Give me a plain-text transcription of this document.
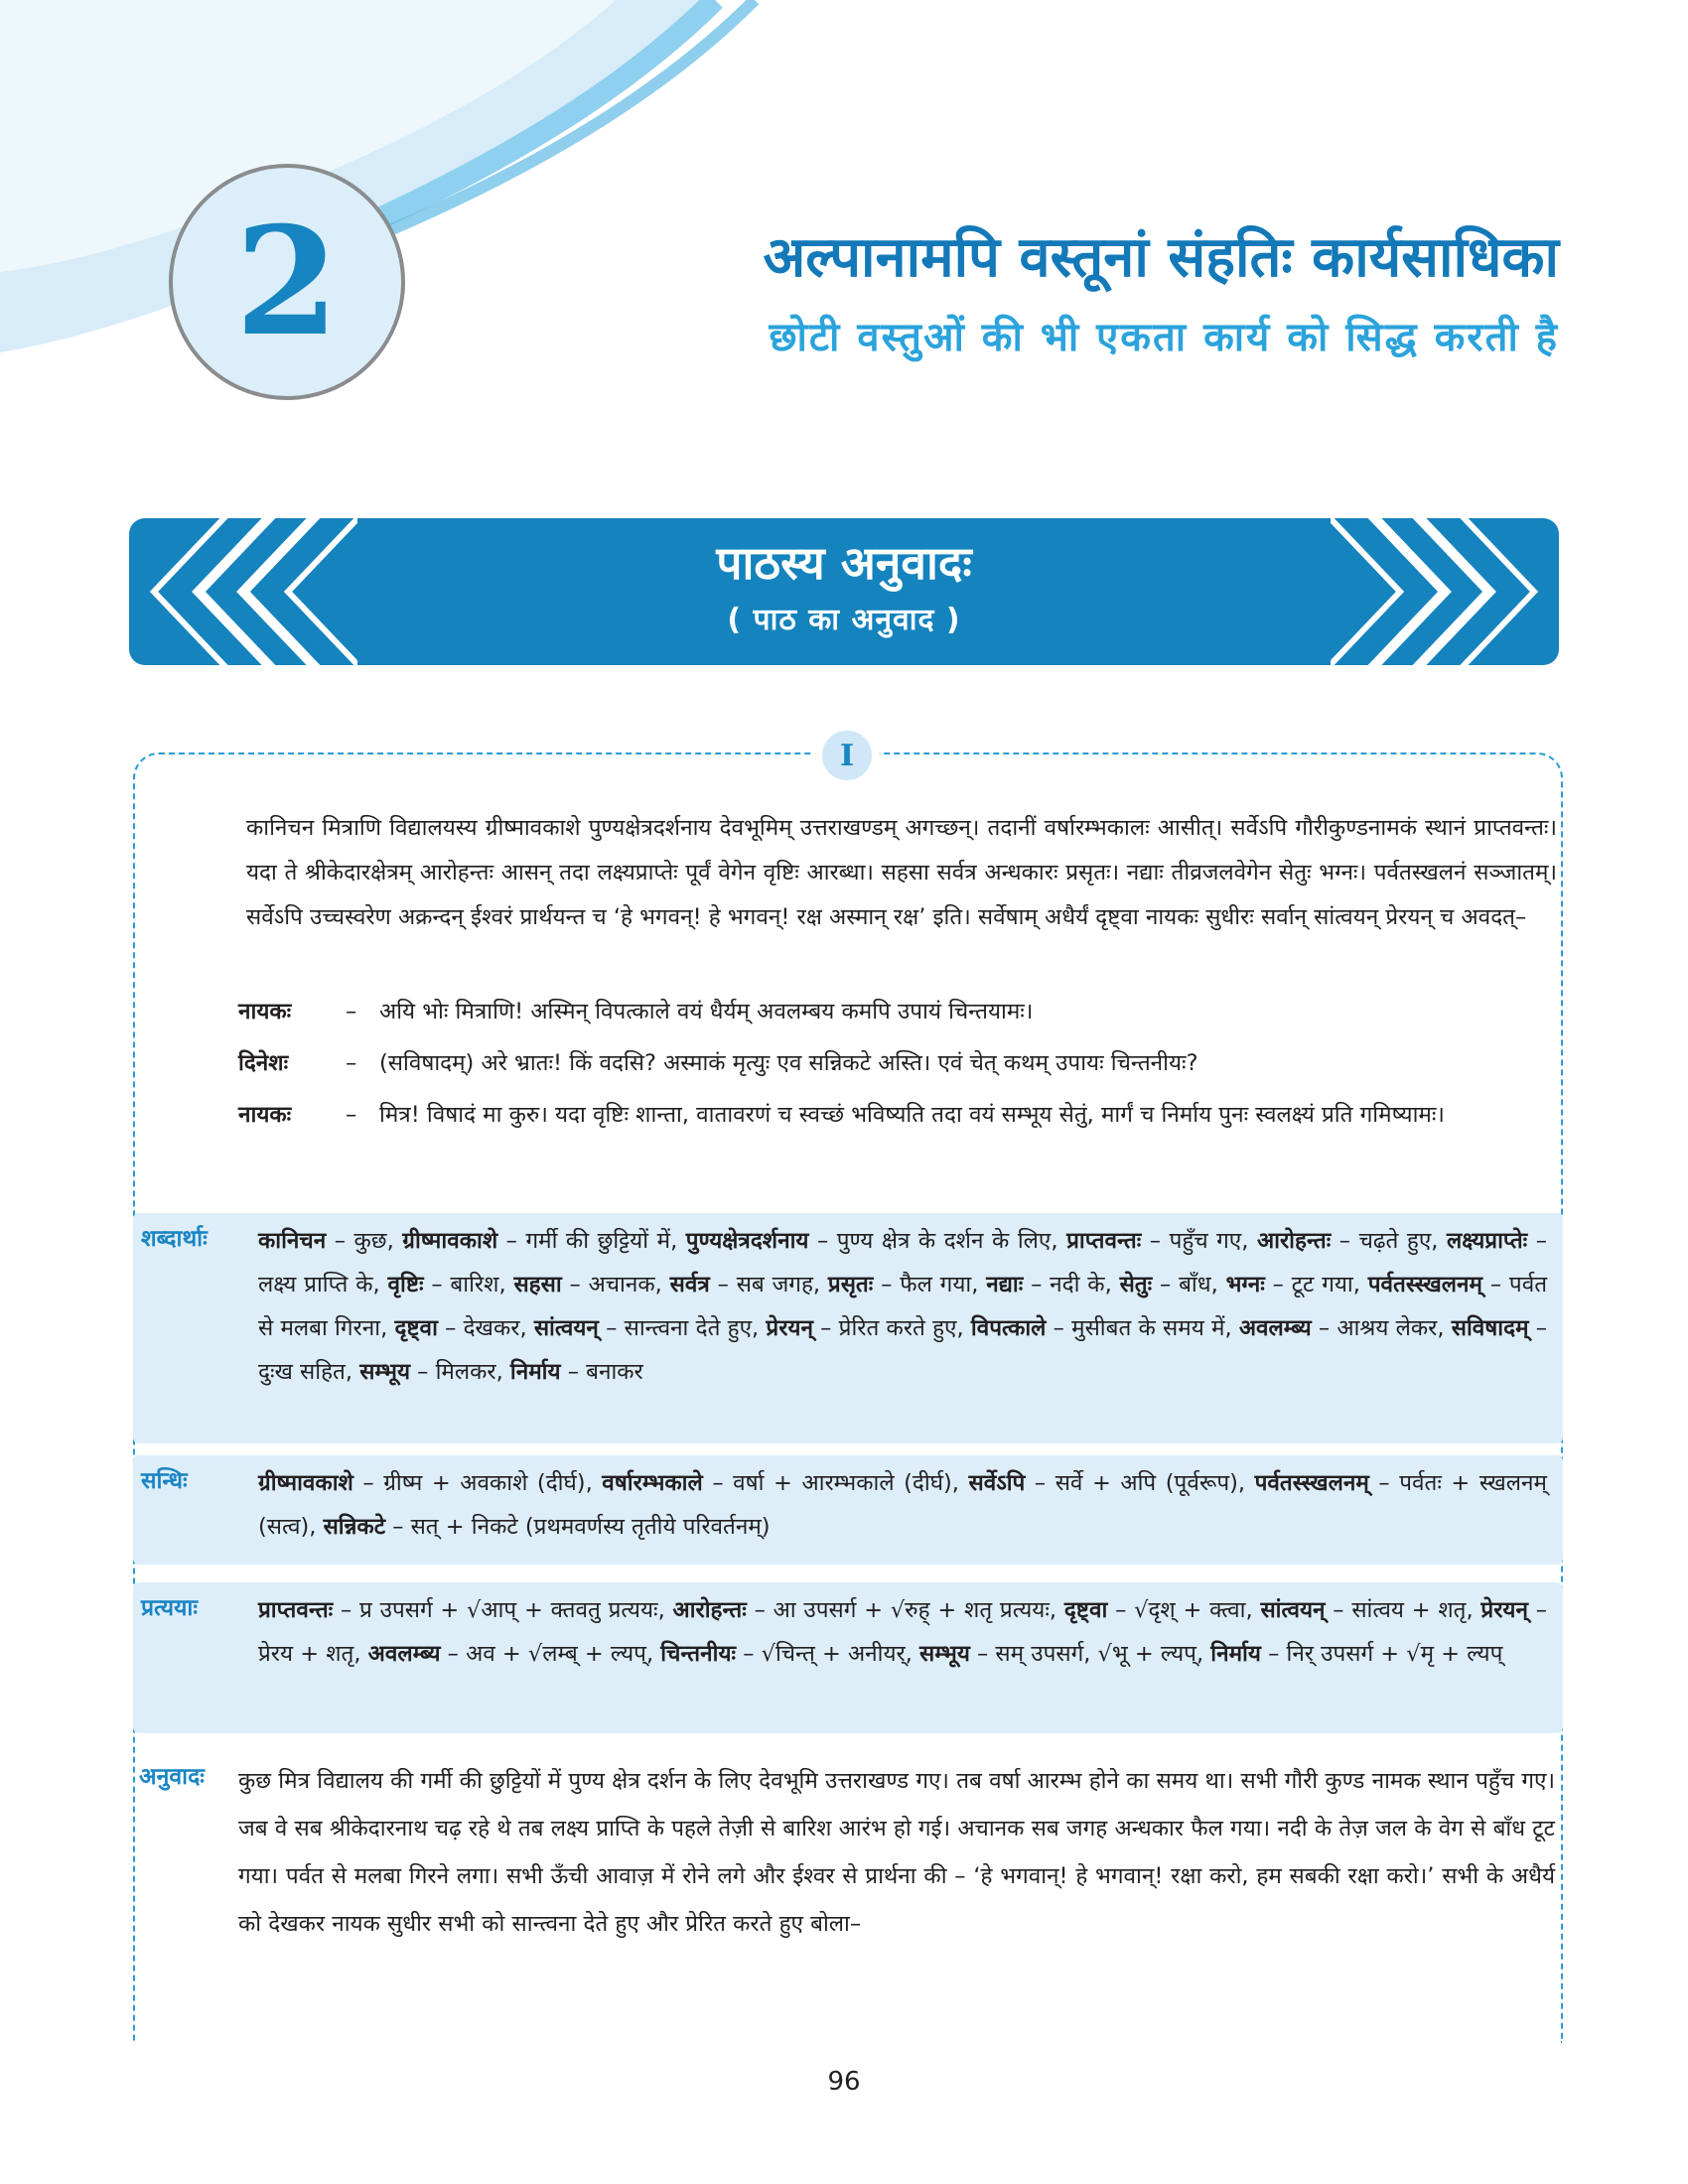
2	अल्पानामपि वस्तूनां संहतिः कार्यसाधिका
छोटी वस्तुओं की भी एकता कार्य को सिद्ध करती है
पाठस्य अनुवादः
( पाठ का अनुवाद )
I
कानिचन मित्राणि विद्यालयस्य ग्रीष्मावकाशे पुण्यक्षेत्रदर्शनाय देवभूमिम् उत्तराखण्डम् अगच्छन्। तदानीं वर्षारम्भकालः आसीत्। सर्वेऽपि गौरीकुण्डनामकं स्थानं प्राप्तवन्तः। यदा ते श्रीकेदारक्षेत्रम् आरोहन्तः आसन् तदा लक्ष्यप्राप्तेः पूर्वं वेगेन वृष्टिः आरब्धा। सहसा सर्वत्र अन्धकारः प्रसृतः। नद्याः तीव्रजलवेगेन सेतुः भग्नः। पर्वतस्खलनं सञ्जातम्। सर्वेऽपि उच्चस्वरेण अक्रन्दन् ईश्वरं प्रार्थयन्त च ‘हे भगवन्! हे भगवन्! रक्ष अस्मान् रक्ष’ इति। सर्वेषाम् अधैर्यं दृष्ट्वा नायकः सुधीरः सर्वान् सांत्वयन् प्रेरयन् च अवदत्–
नायकः	–	अयि भोः मित्राणि! अस्मिन् विपत्काले वयं धैर्यम् अवलम्बय कमपि उपायं चिन्तयामः।
दिनेशः	–	(सविषादम्) अरे भ्रातः! किं वदसि? अस्माकं मृत्युः एव सन्निकटे अस्ति। एवं चेत् कथम् उपायः चिन्तनीयः?
नायकः	–	मित्र! विषादं मा कुरु। यदा वृष्टिः शान्ता, वातावरणं च स्वच्छं भविष्यति तदा वयं सम्भूय सेतुं, मार्गं च निर्माय पुनः स्वलक्ष्यं प्रति गमिष्यामः।
शब्दार्थाः कानिचन – कुछ, ग्रीष्मावकाशे – गर्मी की छुट्टियों में, पुण्यक्षेत्रदर्शनाय – पुण्य क्षेत्र के दर्शन के लिए, प्राप्तवन्तः – पहुँच गए, आरोहन्तः – चढ़ते हुए, लक्ष्यप्राप्तेः – लक्ष्य प्राप्ति के, वृष्टिः – बारिश, सहसा – अचानक, सर्वत्र – सब जगह, प्रसृतः – फैल गया, नद्याः – नदी के, सेतुः – बाँध, भग्नः – टूट गया, पर्वतस्स्खलनम् – पर्वत से मलबा गिरना, दृष्ट्वा – देखकर, सांत्वयन् – सान्त्वना देते हुए, प्रेरयन् – प्रेरित करते हुए, विपत्काले – मुसीबत के समय में, अवलम्ब्य – आश्रय लेकर, सविषादम् – दुःख सहित, सम्भूय – मिलकर, निर्माय – बनाकर
सन्धिः	ग्रीष्मावकाशे – ग्रीष्म + अवकाशे (दीर्घ), वर्षारम्भकाले – वर्षा + आरम्भकाले (दीर्घ), सर्वेऽपि – सर्वे + अपि (पूर्वरूप), पर्वतस्स्खलनम् – पर्वतः + स्खलनम् (सत्व), सन्निकटे – सत् + निकटे (प्रथमवर्णस्य तृतीये परिवर्तनम्)
प्रत्ययाः	प्राप्तवन्तः – प्र उपसर्ग + √आप् + क्तवतु प्रत्ययः, आरोहन्तः – आ उपसर्ग + √रुह् + शतृ प्रत्ययः, दृष्ट्वा – √दृश् + क्त्वा, सांत्वयन् – सांत्वय + शतृ, प्रेरयन् – प्रेरय + शतृ, अवलम्ब्य – अव + √लम्ब् + ल्यप्, चिन्तनीयः – √चिन्त् + अनीयर्, सम्भूय – सम् उपसर्ग, √भू + ल्यप्, निर्माय – निर् उपसर्ग + √मृ + ल्यप्
अनुवादः कुछ मित्र विद्यालय की गर्मी की छुट्टियों में पुण्य क्षेत्र दर्शन के लिए देवभूमि उत्तराखण्ड गए। तब वर्षा आरम्भ होने का समय था। सभी गौरी कुण्ड नामक स्थान पहुँच गए। जब वे सब श्रीकेदारनाथ चढ़ रहे थे तब लक्ष्य प्राप्ति के पहले तेज़ी से बारिश आरंभ हो गई। अचानक सब जगह अन्धकार फैल गया। नदी के तेज़ जल के वेग से बाँध टूट गया। पर्वत से मलबा गिरने लगा। सभी ऊँची आवाज़ में रोने लगे और ईश्वर से प्रार्थना की – ‘हे भगवान्! हे भगवान्! रक्षा करो, हम सबकी रक्षा करो।’ सभी के अधैर्य को देखकर नायक सुधीर सभी को सान्त्वना देते हुए और प्रेरित करते हुए बोला–
96
